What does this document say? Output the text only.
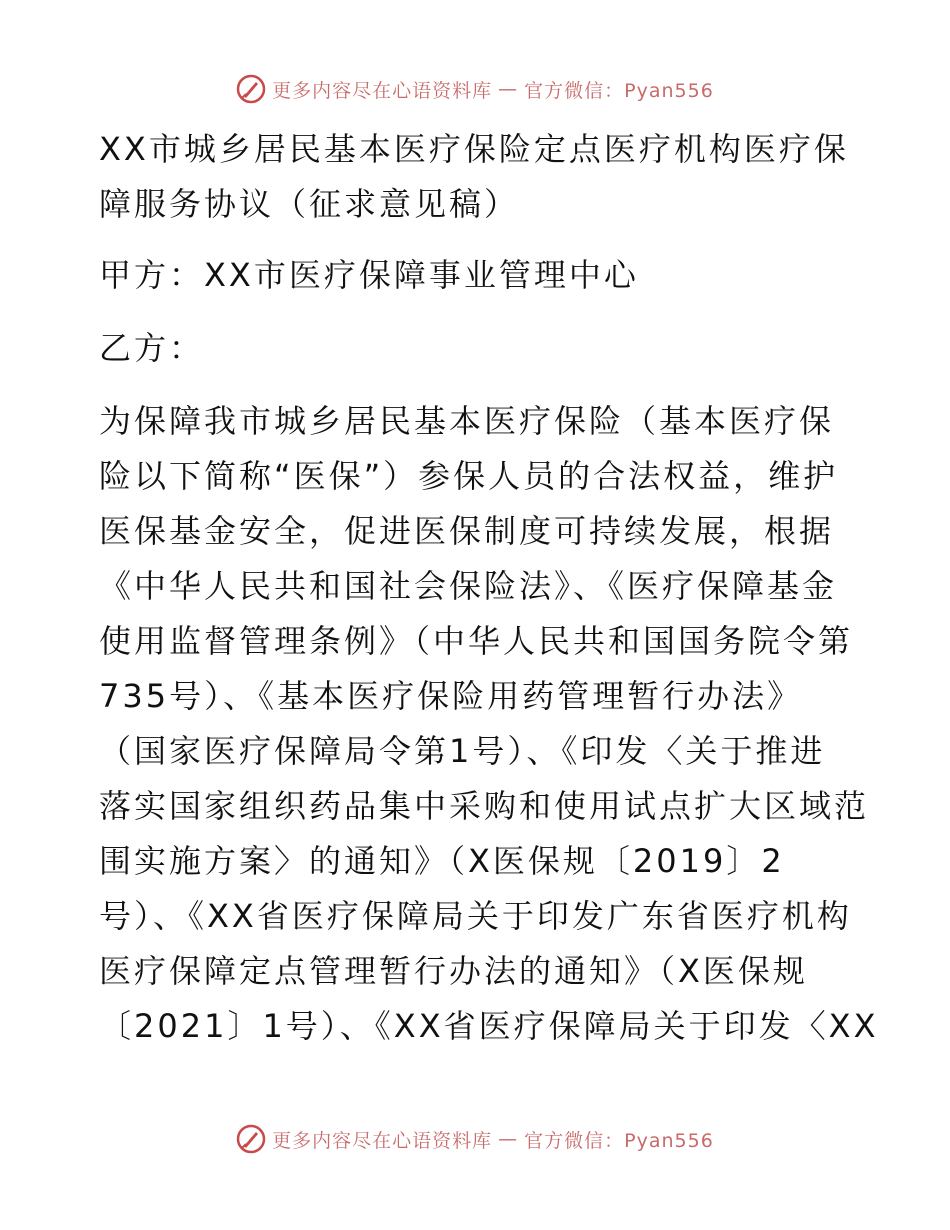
更多内容尽在心语资料库 — 官方微信：Pyan556

XX市城乡居民基本医疗保险定点医疗机构医疗保
障服务协议（征求意见稿）

甲方：XX市医疗保障事业管理中心

乙方：

为保障我市城乡居民基本医疗保险（基本医疗保
险以下简称“医保”）参保人员的合法权益，维护
医保基金安全，促进医保制度可持续发展，根据
《中华人民共和国社会保险法》、《医疗保障基金
使用监督管理条例》（中华人民共和国国务院令第
735号）、《基本医疗保险用药管理暂行办法》
（国家医疗保障局令第1号）、《印发〈关于推进
落实国家组织药品集中采购和使用试点扩大区域范
围实施方案〉的通知》（X医保规〔2019〕2
号）、《XX省医疗保障局关于印发广东省医疗机构
医疗保障定点管理暂行办法的通知》（X医保规
〔2021〕1号）、《XX省医疗保障局关于印发〈XX

更多内容尽在心语资料库 — 官方微信：Pyan556
